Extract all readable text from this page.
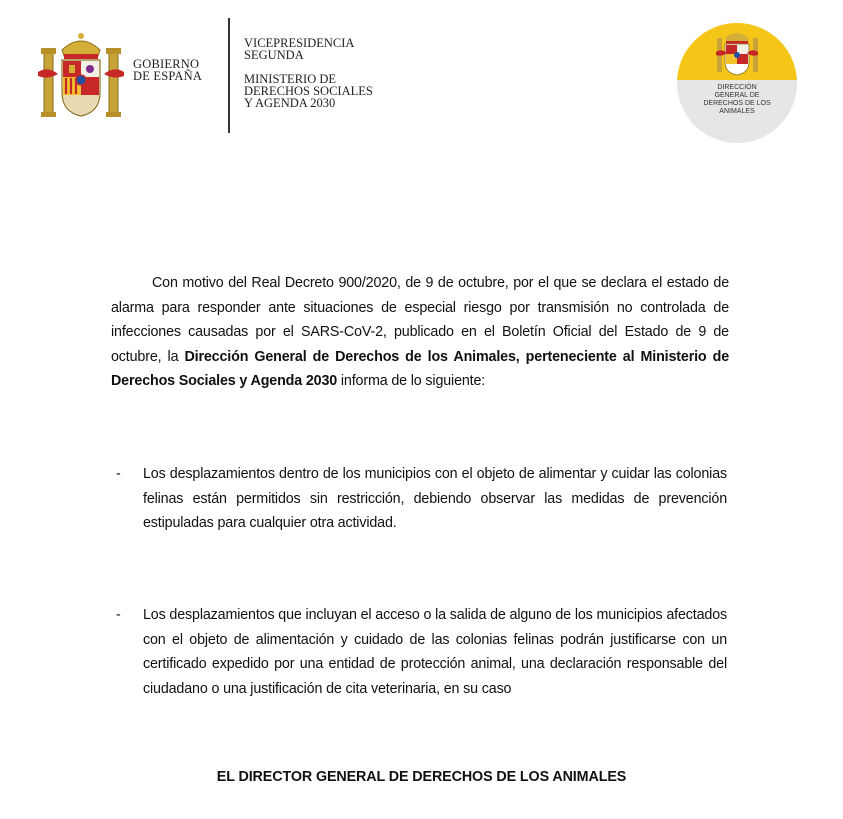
GOBIERNO
DE ESPAÑA
VICEPRESIDENCIA
SEGUNDA
MINISTERIO DE
DERECHOS SOCIALES
Y AGENDA 2030
DIRECCIÓN
GENERAL DE
DERECHOS DE LOS
ANIMALES

Con motivo del Real Decreto 900/2020, de 9 de octubre, por el que se declara el estado de alarma para responder ante situaciones de especial riesgo por transmisión no controlada de infecciones causadas por el SARS-CoV-2, publicado en el Boletín Oficial del Estado de 9 de octubre, la Dirección General de Derechos de los Animales, perteneciente al Ministerio de Derechos Sociales y Agenda 2030 informa de lo siguiente:

- Los desplazamientos dentro de los municipios con el objeto de alimentar y cuidar las colonias felinas están permitidos sin restricción, debiendo observar las medidas de prevención estipuladas para cualquier otra actividad.
- Los desplazamientos que incluyan el acceso o la salida de alguno de los municipios afectados con el objeto de alimentación y cuidado de las colonias felinas podrán justificarse con un certificado expedido por una entidad de protección animal, una declaración responsable del ciudadano o una justificación de cita veterinaria, en su caso
EL DIRECTOR GENERAL DE DERECHOS DE LOS ANIMALES
